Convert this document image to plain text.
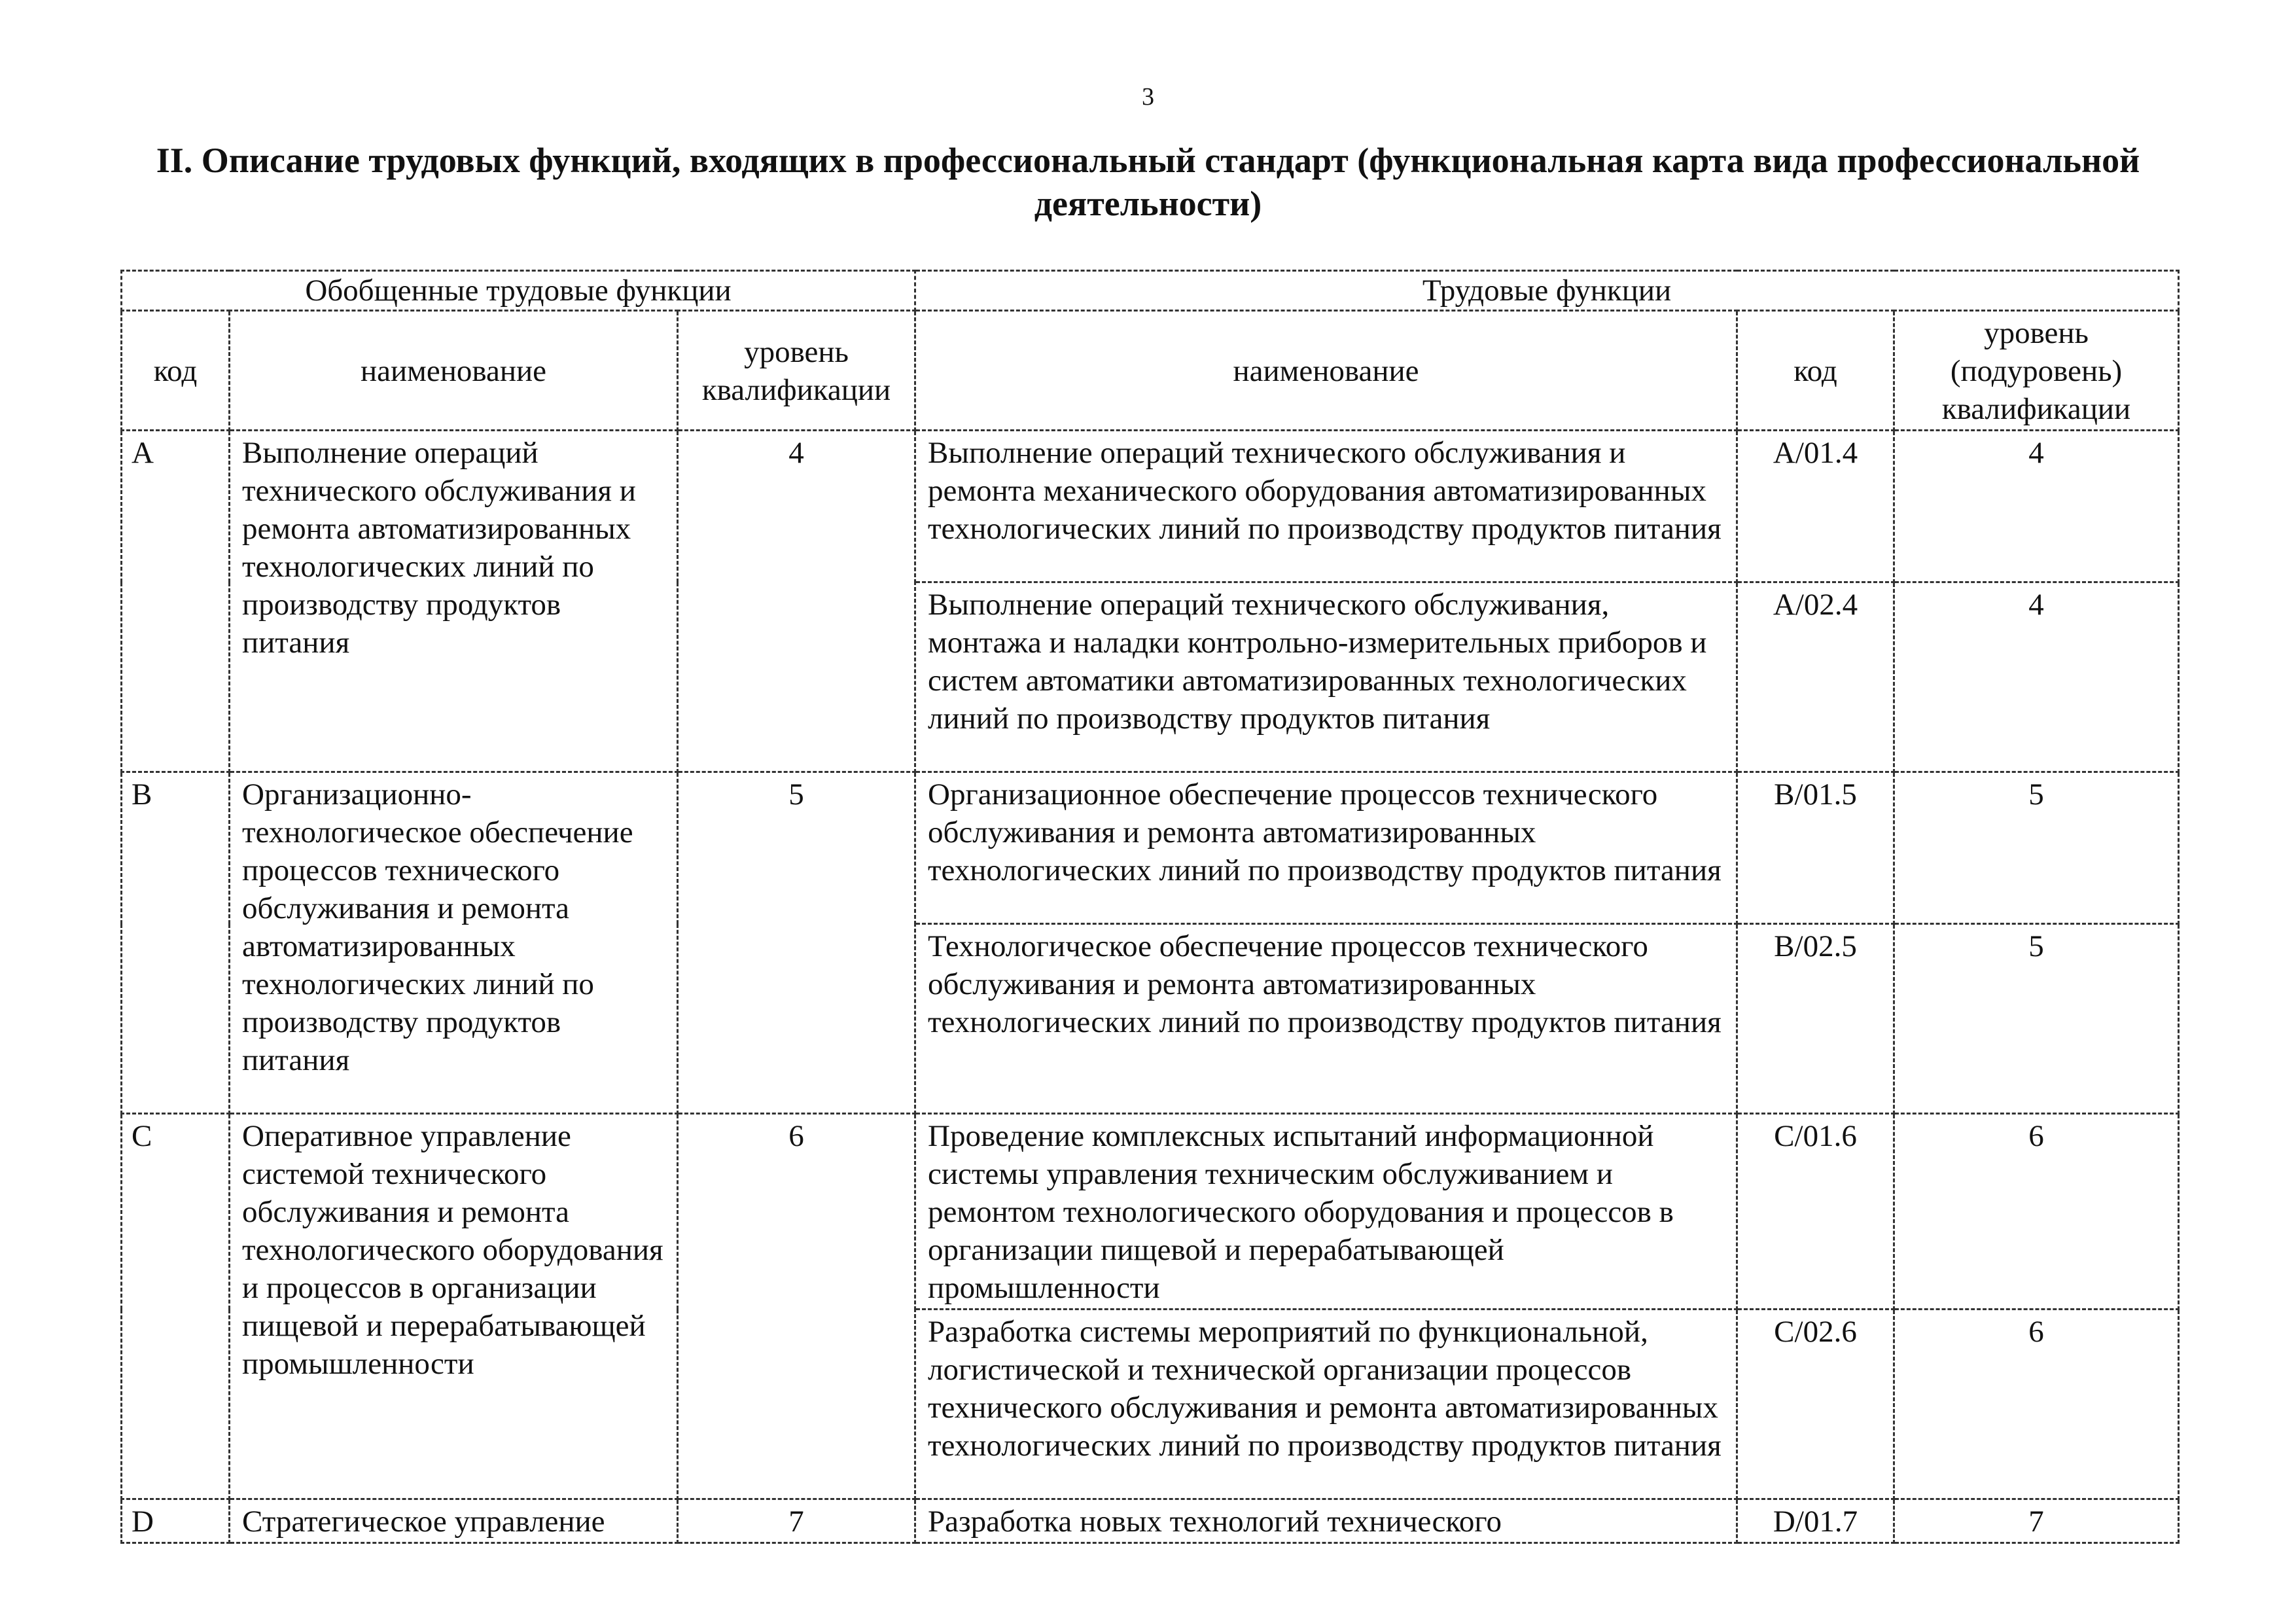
3
II. Описание трудовых функций, входящих в профессиональный стандарт (функциональная карта вида профессиональной деятельности)
Обобщенные трудовые функции			Трудовые функции		
код	наименование	уровень квалификации	наименование	код	уровень (подуровень) квалификации
A	Выполнение операций технического обслуживания и ремонта автоматизированных технологических линий по производству продуктов питания	4	Выполнение операций технического обслуживания и ремонта механического оборудования автоматизированных технологических линий по производству продуктов питания	A/01.4	4
			Выполнение операций технического обслуживания, монтажа и наладки контрольно-измерительных приборов и систем автоматики автоматизированных технологических линий по производству продуктов питания	A/02.4	4
B	Организационно-технологическое обеспечение процессов технического обслуживания и ремонта автоматизированных технологических линий по производству продуктов питания	5	Организационное обеспечение процессов технического обслуживания и ремонта автоматизированных технологических линий по производству продуктов питания	B/01.5	5
			Технологическое обеспечение процессов технического обслуживания и ремонта автоматизированных технологических линий по производству продуктов питания	B/02.5	5
C	Оперативное управление системой технического обслуживания и ремонта технологического оборудования и процессов в организации пищевой и перерабатывающей промышленности	6	Проведение комплексных испытаний информационной системы управления техническим обслуживанием и ремонтом технологического оборудования и процессов в организации пищевой и перерабатывающей промышленности	C/01.6	6
			Разработка системы мероприятий по функциональной, логистической и технической организации процессов технического обслуживания и ремонта автоматизированных технологических линий по производству продуктов питания	C/02.6	6
D	Стратегическое управление	7	Разработка новых технологий технического	D/01.7	7
